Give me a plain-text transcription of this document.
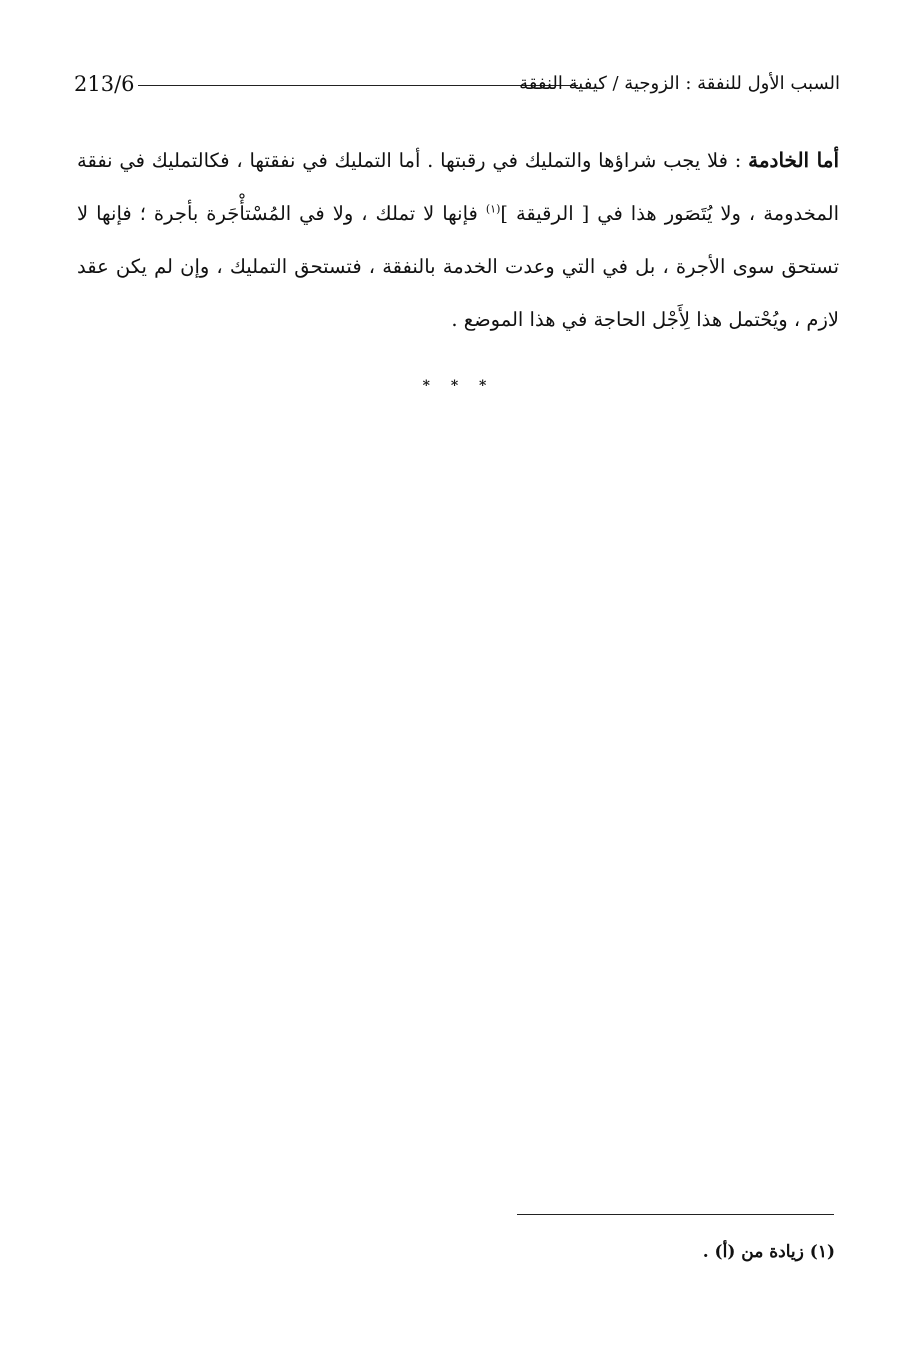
213/6	السبب الأول للنفقة : الزوجية / كيفية النفقة
أما الخادمة : فلا يجب شراؤها والتمليك في رقبتها . أما التمليك في نفقتها ، فكالتمليك في نفقة المخدومة ، ولا يُتَصَور هذا في [ الرقيقة ]$^{(١)}$ فإنها لا تملك ، ولا في المُسْتأْجَرة بأجرة ؛ فإنها لا تستحق سوى الأجرة ، بل في التي وعدت الخدمة بالنفقة ، فتستحق التمليك ، وإن لم يكن عقد لازم ، ويُحْتمل هذا لِأَجْل الحاجة في هذا الموضع .
* * *
(١) زيادة من (أ) .
